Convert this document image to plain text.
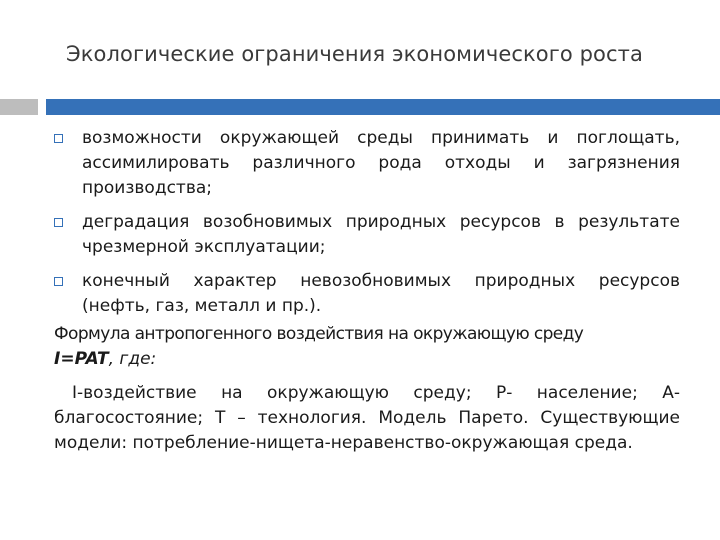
Экологические ограничения экономического роста
возможности окружающей среды принимать и поглощать, ассимилировать различного рода отходы и загрязнения производства;
деградация возобновимых природных ресурсов в результате чрезмерной эксплуатации;
конечный характер невозобновимых природных ресурсов (нефть, газ, металл и пр.).

Формула антропогенного воздействия на окружающую среду
I=PAT, где:

I-воздействие на окружающую среду; Р- население; А- благосостояние; Т – технология. Модель Парето. Существующие модели: потребление-нищета-неравенство-окружающая среда.
